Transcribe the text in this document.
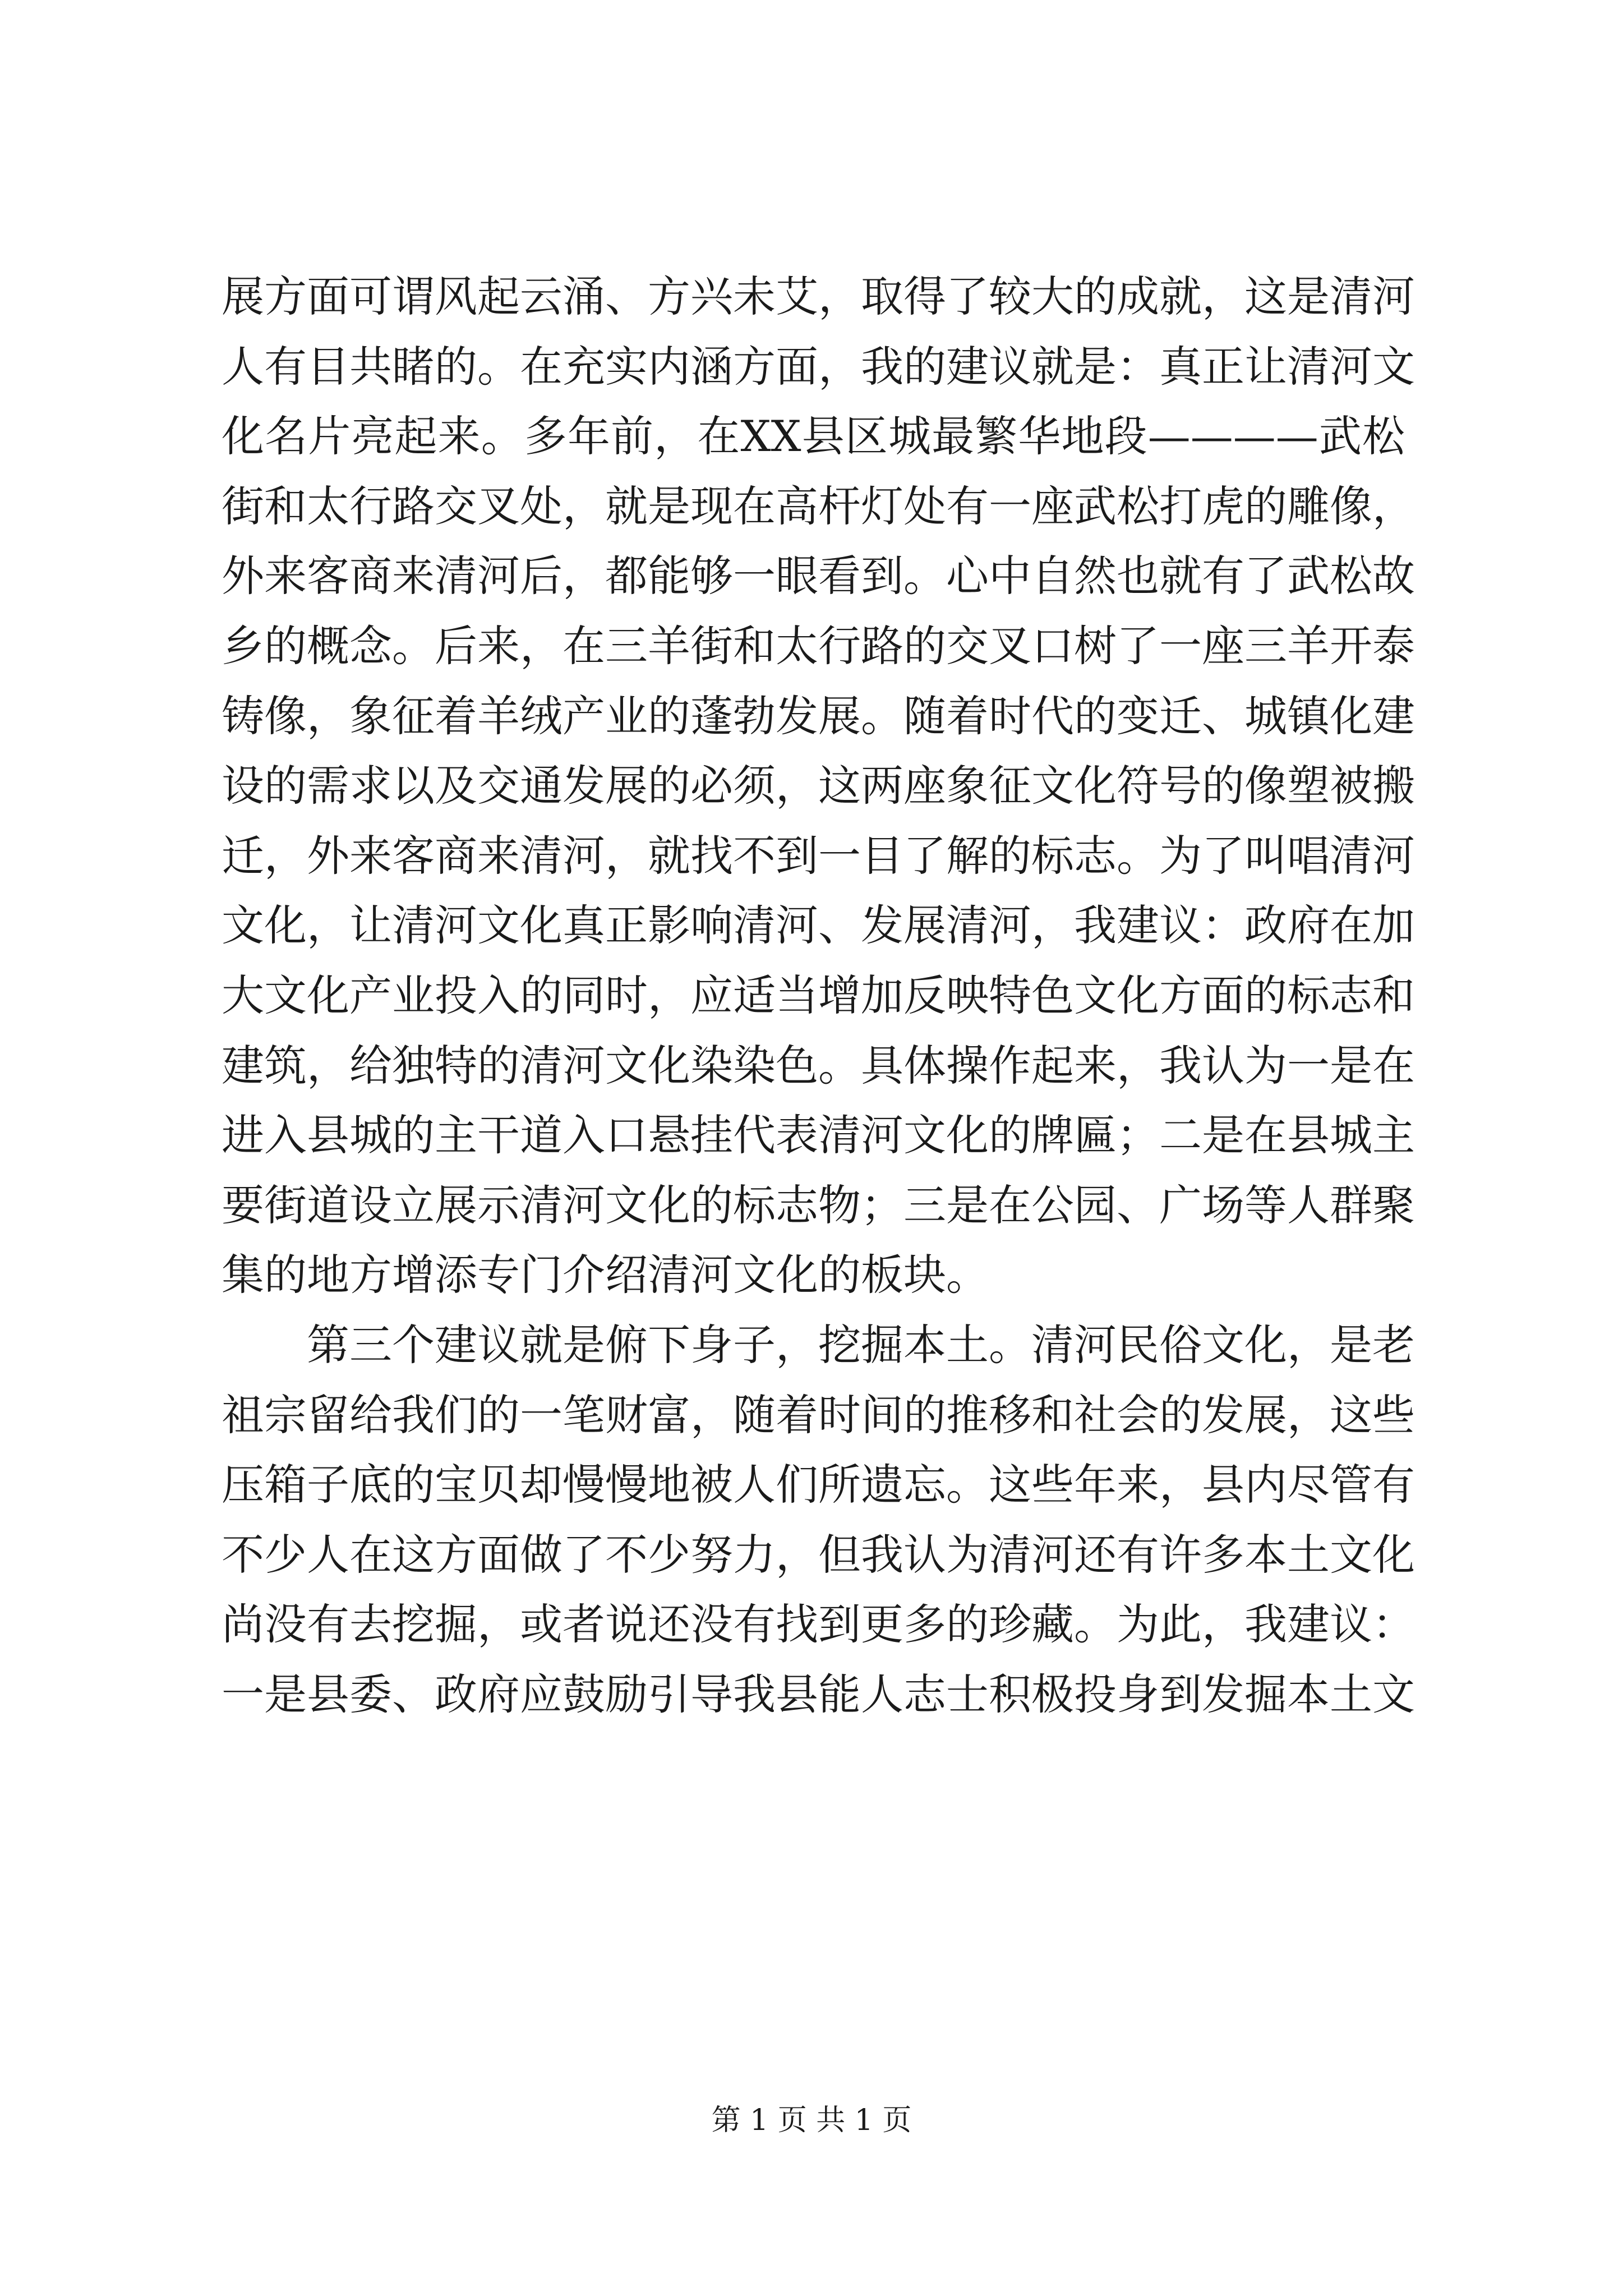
展方面可谓风起云涌、方兴未艾，取得了较大的成就，这是清河
人有目共睹的。在充实内涵方面，我的建议就是：真正让清河文
化名片亮起来。多年前，在XX县区城最繁华地段————武松
街和太行路交叉处，就是现在高杆灯处有一座武松打虎的雕像，
外来客商来清河后，都能够一眼看到。心中自然也就有了武松故
乡的概念。后来，在三羊街和太行路的交叉口树了一座三羊开泰
铸像，象征着羊绒产业的蓬勃发展。随着时代的变迁、城镇化建
设的需求以及交通发展的必须，这两座象征文化符号的像塑被搬
迁，外来客商来清河，就找不到一目了解的标志。为了叫唱清河
文化，让清河文化真正影响清河、发展清河，我建议：政府在加
大文化产业投入的同时，应适当增加反映特色文化方面的标志和
建筑，给独特的清河文化染染色。具体操作起来，我认为一是在
进入县城的主干道入口悬挂代表清河文化的牌匾；二是在县城主
要街道设立展示清河文化的标志物；三是在公园、广场等人群聚
集的地方增添专门介绍清河文化的板块。
第三个建议就是俯下身子，挖掘本土。清河民俗文化，是老
祖宗留给我们的一笔财富，随着时间的推移和社会的发展，这些
压箱子底的宝贝却慢慢地被人们所遗忘。这些年来，县内尽管有
不少人在这方面做了不少努力，但我认为清河还有许多本土文化
尚没有去挖掘，或者说还没有找到更多的珍藏。为此，我建议：
一是县委、政府应鼓励引导我县能人志士积极投身到发掘本土文
第 1 页 共 1 页
